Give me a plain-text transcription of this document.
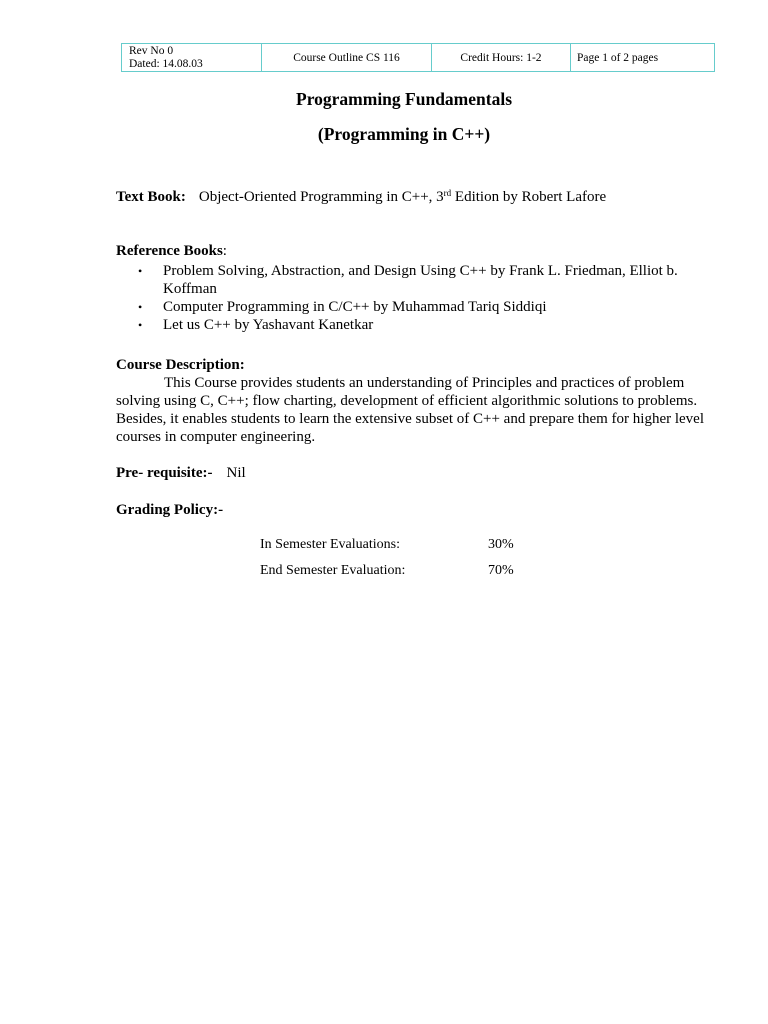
Rev No 0
Dated: 14.08.03	Course Outline CS 116	Credit Hours: 1-2	Page 1 of 2 pages
Programming Fundamentals
(Programming in C++)
Text Book: Object-Oriented Programming in C++, 3rd Edition by Robert Lafore
Reference Books:
• Problem Solving, Abstraction, and Design Using C++ by Frank L. Friedman, Elliot b. Koffman
• Computer Programming in C/C++ by Muhammad Tariq Siddiqi
• Let us C++ by Yashavant Kanetkar
Course Description:
This Course provides students an understanding of Principles and practices of problem solving using C, C++; flow charting, development of efficient algorithmic solutions to problems. Besides, it enables students to learn the extensive subset of C++ and prepare them for higher level courses in computer engineering.
Pre- requisite:- Nil
Grading Policy:-
In Semester Evaluations:	30%
End Semester Evaluation:	70%
